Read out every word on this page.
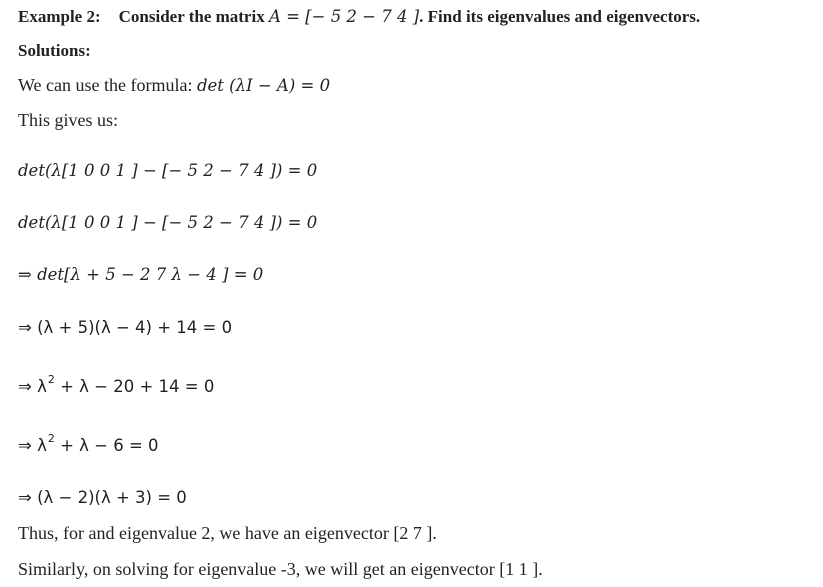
Example 2: Consider the matrix A = [− 5 2 − 7 4 ]. Find its eigenvalues and eigenvectors.
Solutions:
We can use the formula: det (λI − A) = 0
This gives us:
det(λ[1 0 0 1 ] − [− 5 2 − 7 4 ]) = 0
det(λ[1 0 0 1 ] − [− 5 2 − 7 4 ]) = 0
⇒ det[λ + 5 − 2 7 λ − 4 ] = 0
⇒ (λ + 5)(λ − 4) + 14 = 0
⇒ $\lambda^2 + \lambda - 20 + 14 = 0$
⇒ $\lambda^2 + \lambda - 6 = 0$
⇒ (λ − 2)(λ + 3) = 0
Thus, for and eigenvalue 2, we have an eigenvector [2 7 ].
Similarly, on solving for eigenvalue -3, we will get an eigenvector [1 1 ].
